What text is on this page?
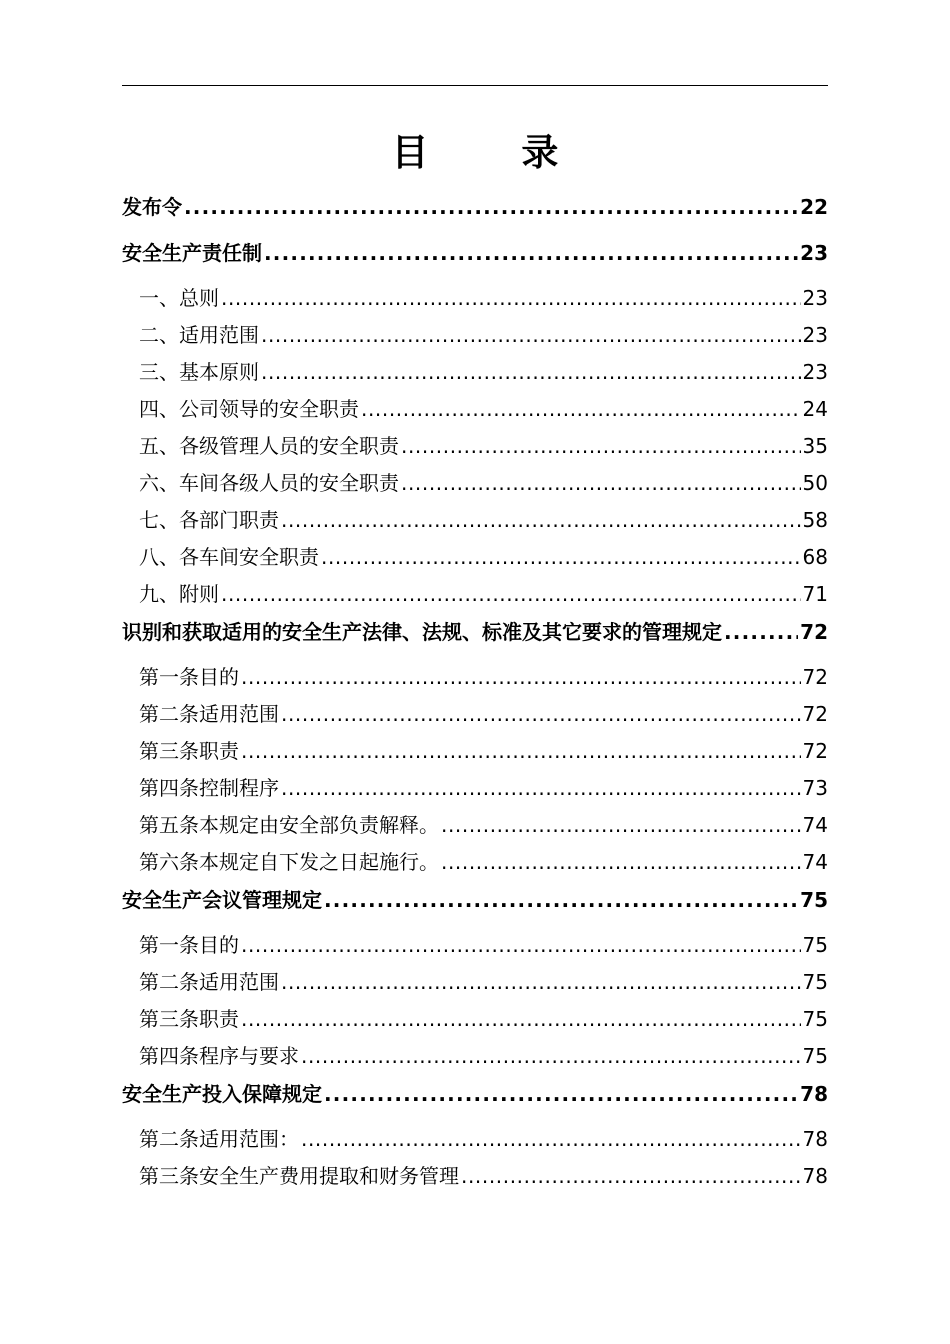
目 录
发布令 .....	22
安全生产责任制 .....	23
一、总则 .....	23
二、适用范围 .....	23
三、基本原则 .....	23
四、公司领导的安全职责 .....	24
五、各级管理人员的安全职责 .....	35
六、车间各级人员的安全职责 .....	50
七、各部门职责 .....	58
八、各车间安全职责 .....	68
九、附则 .....	71
识别和获取适用的安全生产法律、法规、标准及其它要求的管理规定 .....	72
第一条目的 .....	72
第二条适用范围 .....	72
第三条职责 .....	72
第四条控制程序 .....	73
第五条本规定由安全部负责解释。 .....	74
第六条本规定自下发之日起施行。 .....	74
安全生产会议管理规定 .....	75
第一条目的 .....	75
第二条适用范围 .....	75
第三条职责 .....	75
第四条程序与要求 .....	75
安全生产投入保障规定 .....	78
第二条适用范围： .....	78
第三条安全生产费用提取和财务管理 .....	78
